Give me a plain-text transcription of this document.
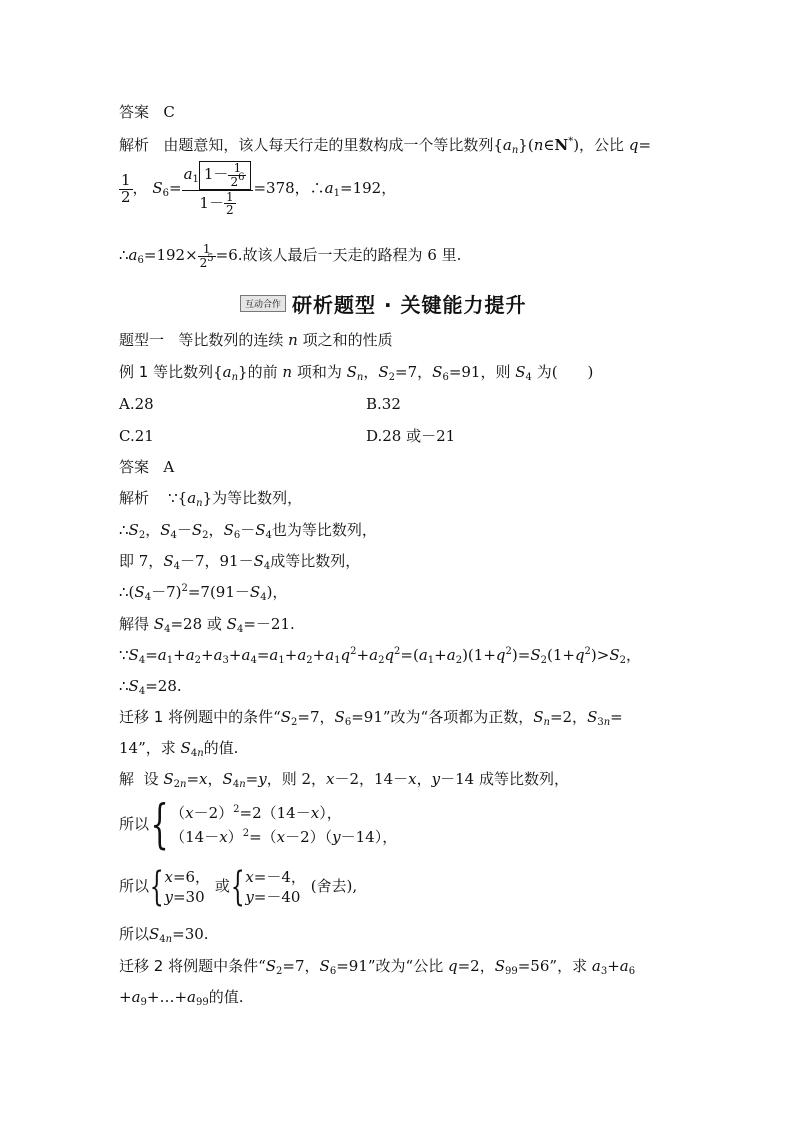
答案 C
解析 由题意知，该人每天行走的里数构成一个等比数列$\{a_n\}(n\in N^*)$，公比 q=
$\frac{1}{2}$ ， $S_6= \frac{a_1 1- \frac{1}{2^6}}{1- \frac{1}{2}} =378$，$\therefore a_1=192$，
$\therefore a_6=192\times \frac{1}{2^5} =6$.故该人最后一天走的路程为 6 里.
互动合作 研析题型 · 关键能力提升
题型一 等比数列的连续 n 项之和的性质
例 1 等比数列$\{a_n\}$的前 n 项和为 $S_n$，$S_2=7$，$S_6=91$，则 $S_4$ 为(　　)
A.28	B.32
C.21	D.28 或－21
答案 A
解析    $\because\{a_n\}$为等比数列，
$\therefore S_2$，$S_4-S_2$，$S_6-S_4$也为等比数列，
即 7，$S_4-7$，$91-S_4$成等比数列，
$\therefore(S_4-7)^2=7(91-S_4)$，
解得 $S_4=28$ 或 $S_4=-21$.
$\because S_4=a_1+a_2+a_3+a_4=a_1+a_2+a_1q^2+a_2q^2=(a_1+a_2)(1+q^2)=S_2(1+q^2)>S_2$，
$\therefore S_4=28$.
迁移 1 将例题中的条件“$S_2=7$，$S_6=91$”改为“各项都为正数，$S_n=2$，$S_{3n}=$
14”，求 $S_{4n}$的值.
解 设 $S_{2n}=x$，$S_{4n}=y$，则 2，x－2，14－x，y－14 成等比数列，
所以{$(x-2)^2=2(14-x)$，
$(14-x)^2=(x-2)(y-14)$，
所以{x=6，
y=30 或{x=－4，
y=－40 (舍去),
所以$S_{4n}=30$.
迁移 2 将例题中条件“$S_2=7$，$S_6=91$”改为“公比 q=2，$S_{99}=56$”，求 $a_3+a_6$
$+a_9+\dots+a_{99}$的值.
